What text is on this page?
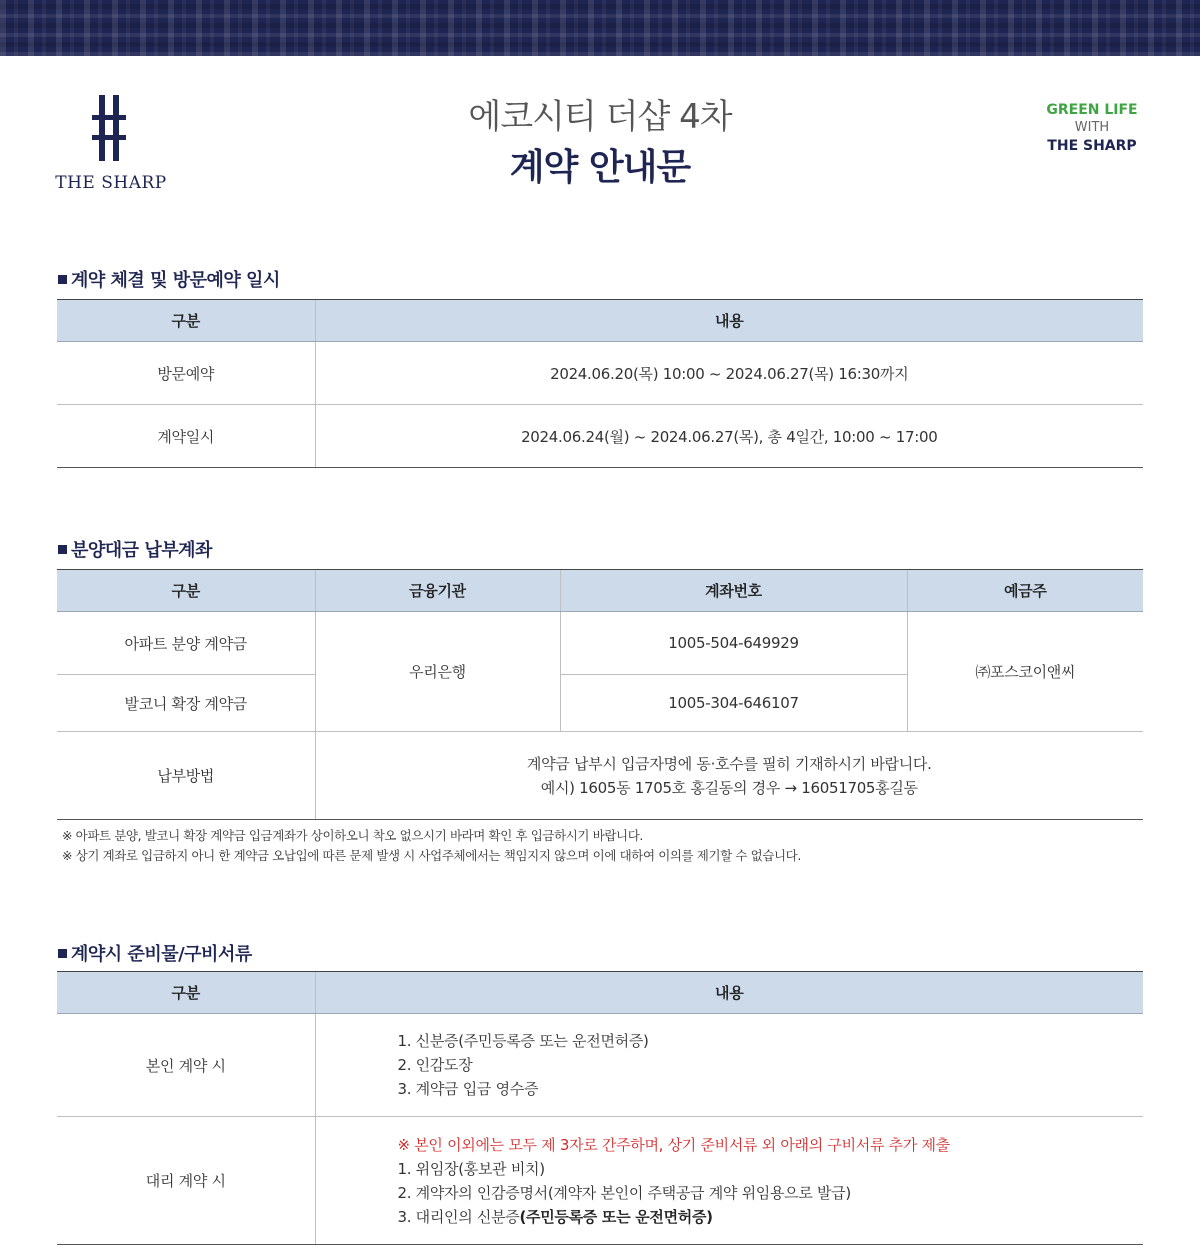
THE SHARP
에코시티 더샵 4차
계약 안내문
GREEN LIFE
WITH
THE SHARP
계약 체결 및 방문예약 일시
구분	내용
방문예약	2024.06.20(목) 10:00 ~ 2024.06.27(목) 16:30까지
계약일시	2024.06.24(월) ~ 2024.06.27(목), 총 4일간, 10:00 ~ 17:00
분양대금 납부계좌
구분	금융기관	계좌번호	예금주
아파트 분양 계약금	우리은행	1005-504-649929	㈜포스코이앤씨
발코니 확장 계약금		1005-304-646107	
납부방법	계약금 납부시 입금자명에 동·호수를 필히 기재하시기 바랍니다.
예시) 1605동 1705호 홍길동의 경우 → 16051705홍길동		
※ 아파트 분양, 발코니 확장 계약금 입금계좌가 상이하오니 착오 없으시기 바라며 확인 후 입금하시기 바랍니다.
※ 상기 계좌로 입금하지 아니 한 계약금 오납입에 따른 문제 발생 시 사업주체에서는 책임지지 않으며 이에 대하여 이의를 제기할 수 없습니다.
계약시 준비물/구비서류
구분	내용
본인 계약 시	1. 신분증(주민등록증 또는 운전면허증)
2. 인감도장
3. 계약금 입금 영수증

대리 계약 시	※ 본인 이외에는 모두 제 3자로 간주하며, 상기 준비서류 외 아래의 구비서류 추가 제출
1. 위임장(홍보관 비치)
2. 계약자의 인감증명서(계약자 본인이 주택공급 계약 위임용으로 발급)
3. 대리인의 신분증(주민등록증 또는 운전면허증)
